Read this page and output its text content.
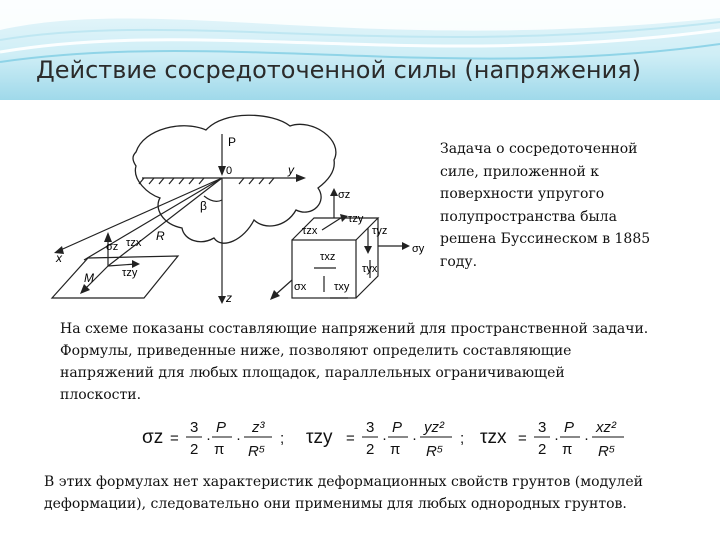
Действие сосредоточенной силы (напряжения)
P
0	y
β
x
R
M
z
σz τzx
τzy
σz
τzy
τzx	τyz
τxz
τyx
σy
σx	τxy
Задача о сосредоточенной силе, приложенной к поверхности упругого полупространства была решена Буссинеском в 1885 году.

На схеме показаны составляющие напряжений для пространственной задачи.

Формулы, приведенные ниже, позволяют определить составляющие напряжений для любых площадок, параллельных ограничивающей плоскости.

σz =
3
2
·
P
π
·
z³
R⁵
; τzy =
3
2
·
P
π
·
yz²
R⁵
; τzx =
3
2
·
P
π
·
xz²
R⁵
В этих формулах нет характеристик деформационных свойств грунтов (модулей деформации), следовательно они применимы для любых однородных грунтов.
